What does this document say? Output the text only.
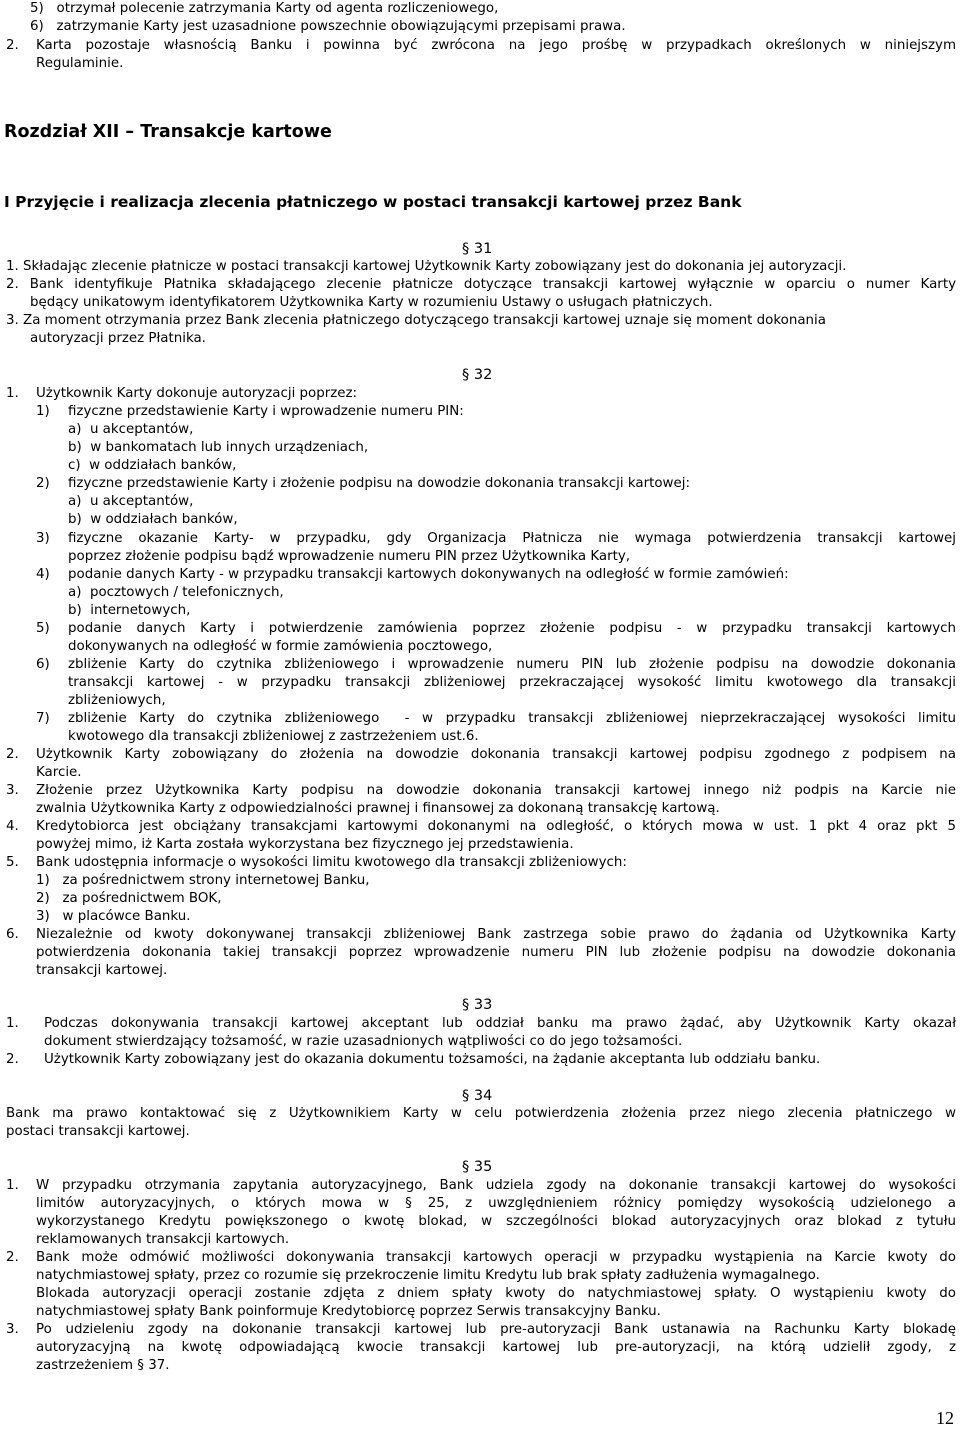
5)   otrzymał polecenie zatrzymania Karty od agenta rozliczeniowego,
6)   zatrzymanie Karty jest uzasadnione powszechnie obowiązującymi przepisami prawa.
2. Karta pozostaje własnością Banku i powinna być zwrócona na jego prośbę w przypadkach określonych w niniejszym
Regulaminie.
Rozdział XII – Transakcje kartowe
I Przyjęcie i realizacja zlecenia płatniczego w postaci transakcji kartowej przez Bank
§ 31
1. Składając zlecenie płatnicze w postaci transakcji kartowej Użytkownik Karty zobowiązany jest do dokonania jej autoryzacji.
2. Bank identyfikuje Płatnika składającego zlecenie płatnicze dotyczące transakcji kartowej wyłącznie w oparciu o numer Karty
będący unikatowym identyfikatorem Użytkownika Karty w rozumieniu Ustawy o usługach płatniczych.
3. Za moment otrzymania przez Bank zlecenia płatniczego dotyczącego transakcji kartowej uznaje się moment dokonania
autoryzacji przez Płatnika.
§ 32
1. Użytkownik Karty dokonuje autoryzacji poprzez:
1) fizyczne przedstawienie Karty i wprowadzenie numeru PIN:
a)  u akceptantów,
b)  w bankomatach lub innych urządzeniach,
c)  w oddziałach banków,
2) fizyczne przedstawienie Karty i złożenie podpisu na dowodzie dokonania transakcji kartowej:
a)  u akceptantów,
b)  w oddziałach banków,
3) fizyczne okazanie Karty- w przypadku, gdy Organizacja Płatnicza nie wymaga potwierdzenia transakcji kartowej
poprzez złożenie podpisu bądź wprowadzenie numeru PIN przez Użytkownika Karty,
4) podanie danych Karty - w przypadku transakcji kartowych dokonywanych na odległość w formie zamówień:
a)  pocztowych / telefonicznych,
b)  internetowych,
5) podanie danych Karty i potwierdzenie zamówienia poprzez złożenie podpisu - w przypadku transakcji kartowych
dokonywanych na odległość w formie zamówienia pocztowego,
6) zbliżenie Karty do czytnika zbliżeniowego i wprowadzenie numeru PIN lub złożenie podpisu na dowodzie dokonania
transakcji kartowej - w przypadku transakcji zbliżeniowej przekraczającej wysokość limitu kwotowego dla transakcji
zbliżeniowych,
7) zbliżenie Karty do czytnika zbliżeniowego  - w przypadku transakcji zbliżeniowej nieprzekraczającej wysokości limitu
kwotowego dla transakcji zbliżeniowej z zastrzeżeniem ust.6.
2. Użytkownik Karty zobowiązany do złożenia na dowodzie dokonania transakcji kartowej podpisu zgodnego z podpisem na
Karcie.
3. Złożenie przez Użytkownika Karty podpisu na dowodzie dokonania transakcji kartowej innego niż podpis na Karcie nie
zwalnia Użytkownika Karty z odpowiedzialności prawnej i finansowej za dokonaną transakcję kartową.
4. Kredytobiorca jest obciążany transakcjami kartowymi dokonanymi na odległość, o których mowa w ust. 1 pkt 4 oraz pkt 5
powyżej mimo, iż Karta została wykorzystana bez fizycznego jej przedstawienia.
5. Bank udostępnia informacje o wysokości limitu kwotowego dla transakcji zbliżeniowych:
1)   za pośrednictwem strony internetowej Banku,
2)   za pośrednictwem BOK,
3)   w placówce Banku.
6. Niezależnie od kwoty dokonywanej transakcji zbliżeniowej Bank zastrzega sobie prawo do żądania od Użytkownika Karty
potwierdzenia dokonania takiej transakcji poprzez wprowadzenie numeru PIN lub złożenie podpisu na dowodzie dokonania
transakcji kartowej.
§ 33
1. Podczas dokonywania transakcji kartowej akceptant lub oddział banku ma prawo żądać, aby Użytkownik Karty okazał
dokument stwierdzający tożsamość, w razie uzasadnionych wątpliwości co do jego tożsamości.
2. Użytkownik Karty zobowiązany jest do okazania dokumentu tożsamości, na żądanie akceptanta lub oddziału banku.
§ 34
Bank ma prawo kontaktować się z Użytkownikiem Karty w celu potwierdzenia złożenia przez niego zlecenia płatniczego w
postaci transakcji kartowej.
§ 35
1. W przypadku otrzymania zapytania autoryzacyjnego, Bank udziela zgody na dokonanie transakcji kartowej do wysokości
limitów autoryzacyjnych, o których mowa w § 25, z uwzględnieniem różnicy pomiędzy wysokością udzielonego a
wykorzystanego Kredytu powiększonego o kwotę blokad, w szczególności blokad autoryzacyjnych oraz blokad z tytułu
reklamowanych transakcji kartowych.
2. Bank może odmówić możliwości dokonywania transakcji kartowych operacji w przypadku wystąpienia na Karcie kwoty do
natychmiastowej spłaty, przez co rozumie się przekroczenie limitu Kredytu lub brak spłaty zadłużenia wymagalnego.
Blokada autoryzacji operacji zostanie zdjęta z dniem spłaty kwoty do natychmiastowej spłaty. O wystąpieniu kwoty do
natychmiastowej spłaty Bank poinformuje Kredytobiorcę poprzez Serwis transakcyjny Banku.
3. Po udzieleniu zgody na dokonanie transakcji kartowej lub pre-autoryzacji Bank ustanawia na Rachunku Karty blokadę
autoryzacyjną na kwotę odpowiadającą kwocie transakcji kartowej lub pre-autoryzacji, na którą udzielił zgody, z
zastrzeżeniem § 37.
12
